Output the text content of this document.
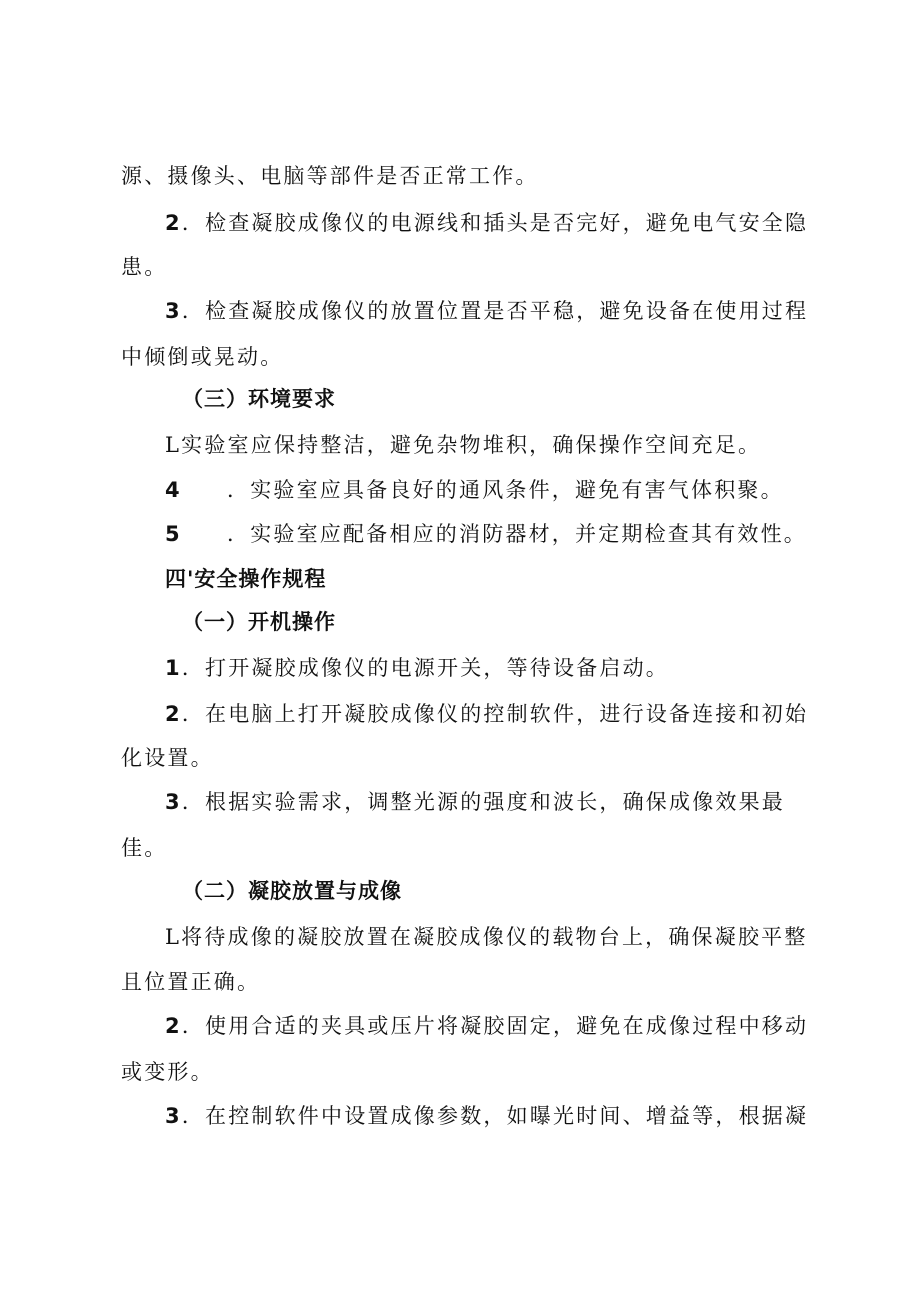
源、摄像头、电脑等部件是否正常工作。
2．检查凝胶成像仪的电源线和插头是否完好，避免电气安全隐
患。
3．检查凝胶成像仪的放置位置是否平稳，避免设备在使用过程
中倾倒或晃动。
（三）环境要求
L实验室应保持整洁，避免杂物堆积，确保操作空间充足。
4 ．实验室应具备良好的通风条件，避免有害气体积聚。
5 ．实验室应配备相应的消防器材，并定期检查其有效性。
四'安全操作规程
（一）开机操作
1．打开凝胶成像仪的电源开关，等待设备启动。
2．在电脑上打开凝胶成像仪的控制软件，进行设备连接和初始
化设置。
3．根据实验需求，调整光源的强度和波长，确保成像效果最
佳。
（二）凝胶放置与成像
L将待成像的凝胶放置在凝胶成像仪的载物台上，确保凝胶平整
且位置正确。
2．使用合适的夹具或压片将凝胶固定，避免在成像过程中移动
或变形。
3．在控制软件中设置成像参数，如曝光时间、增益等，根据凝
